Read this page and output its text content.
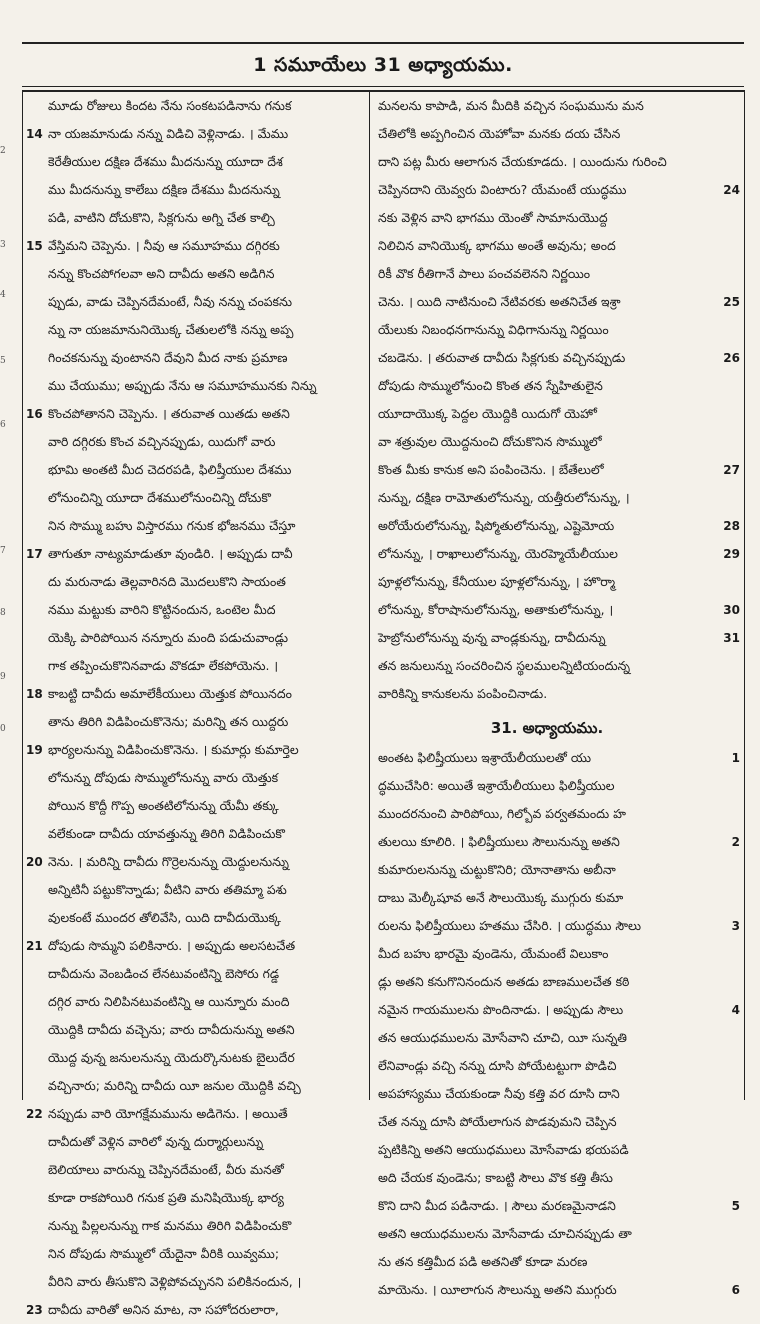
1 సమూయేలు 31 అధ్యాయము.
మూడు రోజులు కిందట నేను సంకటపడినాను గనుక
14 నా యజమానుడు నన్ను విడిచి వెళ్లినాడు. । మేము
కెరేతీయుల దక్షిణ దేశము మీదనున్ను యూదా దేశ
ము మీదనున్ను కాలేబు దక్షిణ దేశము మీదనున్ను
పడి, వాటిని దోచుకొని, సిక్లగును అగ్ని చేత కాల్చి
15 వేస్తిమని చెప్పెను. । నీవు ఆ సమూహము దగ్గిరకు
నన్ను కొంచపోగలవా అని దావీదు అతని అడిగిన
ప్పుడు, వాడు చెప్పినదేమంటే, నీవు నన్ను చంపకను
న్ను నా యజమానునియొక్క చేతులలోకి నన్ను అప్ప
గించకనున్ను వుంటానని దేవుని మీద నాకు ప్రమాణ
ము చేయుము; అప్పుడు నేను ఆ సమూహమునకు నిన్ను
16 కొంచపోతానని చెప్పెను. । తరువాత యితడు అతని
వారి దగ్గిరకు కొంచ వచ్చినప్పుడు, యిదుగో వారు
భూమి అంతటి మీద చెదరపడి, ఫిలిష్తీయుల దేశము
లోనుంచిన్ని యూదా దేశములోనుంచిన్ని దోచుకొ
నిన సొమ్ము బహు విస్తారము గనుక భోజనము చేస్తూ
17 తాగుతూ నాట్యమాడుతూ వుండిరి. । అప్పుడు దావీ
దు మరునాడు తెల్లవారినది మొదలుకొని సాయంత
నము మట్టుకు వారిని కొట్టినందున, ఒంటెల మీద
యెక్కి పారిపోయిన నన్నూరు మంది పడుచువాండ్లు
గాక తప్పించుకొనినవాడు వొకడూ లేకపోయెను. ।
18 కాబట్టి దావీదు అమాలేకీయులు యెత్తుక పోయినదం
తాను తిరిగి విడిపించుకొనెను; మరిన్ని తన యిద్దరు
19 భార్యలనున్ను విడిపించుకొనెను. । కుమార్లు కుమార్తెల
లోనున్ను దోపుడు సొమ్ములోనున్ను వారు యెత్తుక
పోయిన కొద్దీ గొప్ప అంతటిలోనున్ను యేమీ తక్కు
వలేకుండా దావీదు యావత్తున్ను తిరిగి విడిపించుకొ
20 నెను. । మరిన్ని దావీదు గొర్రెలనున్ను యెద్దులనున్ను
అన్నిటినీ పట్టుకొన్నాడు; వీటిని వారు తతిమ్మా పశు
వులకంటే ముందర తోలివేసి, యిది దావీదుయొక్క
21 దోపుడు సొమ్మని పలికినారు. । అప్పుడు అలసటచేత
దావీదును వెంబడించ లేనటువంటిన్ని బెసోరు గడ్డ
దగ్గిర వారు నిలిపినటువంటిన్ని ఆ యిన్నూరు మంది
యొద్దికి దావీదు వచ్చెను; వారు దావీదునున్ను అతని
యొద్ద వున్న జనులనున్ను యెదుర్కొనుటకు బైలుదేర
వచ్చినారు; మరిన్ని దావీదు యీ జనుల యొద్దికి వచ్చి
22 నప్పుడు వారి యోగక్షేమమును అడిగెను. । అయితే
దావీదుతో వెళ్లిన వారిలో వున్న దుర్మార్గులున్ను
బెలియాలు వారున్ను చెప్పినదేమంటే, వీరు మనతో
కూడా రాకపోయిరి గనుక ప్రతి మనిషియొక్క భార్య
నున్ను పిల్లలనున్ను గాక మనము తిరిగి విడిపించుకొ
నిన దోపుడు సొమ్ములో యేదైనా వీరికి యివ్వము;
వీరిని వారు తీసుకొని వెళ్లిపోవచ్చునని పలికినందున, ।
23 దావీదు వారితో అనిన మాట, నా సహోదరులారా,
మనలను కాపాడి, మన మీదికి వచ్చిన సంఘమును మన
చేతిలోకి అప్పగించిన యెహోవా మనకు దయ చేసిన
దాని పట్ల మీరు ఆలాగున చేయకూడదు. । యిందును గురించి
24
చెప్పినదాని యెవ్వరు వింటారు? యేమంటే యుద్ధము
నకు వెళ్లిన వాని భాగము యెంతో సామానుయొద్ద
నిలిచిన వానియొక్క భాగము అంతే అవును; అంద
రికీ వొక రీతిగానే పాలు పంచవలెనని నిర్ణయిం
25
చెను. । యిది నాటినుంచి నేటివరకు అతనిచేత ఇశ్రా
యేలుకు నిబంధనగానున్ను విధిగానున్ను నిర్ణయిం
26
చబడెను. । తరువాత దావీదు సిక్లగుకు వచ్చినప్పుడు
దోపుడు సొమ్ములోనుంచి కొంత తన స్నేహితులైన
యూదాయొక్క పెద్దల యొద్దికి యిదుగో యెహో
వా శత్రువుల యొద్దనుంచి దోచుకొనిన సొమ్ములో
27
కొంత మీకు కానుక అని పంపించెను. । బేతేలులో
నున్ను, దక్షిణ రామోతులోనున్ను, యత్తీరులోనున్ను, ।
28
అరోయేరులోనున్ను, షిప్మోతులోనున్ను, ఎష్టెమోయ
29
లోనున్ను, । రాఖాలులోనున్ను, యెరహ్మెయేలీయుల
పూళ్లలోనున్ను, కేనీయుల పూళ్లలోనున్ను, । హొర్మా
30
లోనున్ను, కోరాషానులోనున్ను, అతాకులోనున్ను, ।
31
హెబ్రోనులోనున్ను వున్న వాండ్లకున్ను, దావీదున్ను
తన జనులున్ను సంచరించిన స్థలములన్నిటియందున్న
వారికిన్ని కానుకలను పంపించినాడు.
31. అధ్యాయము.
1
అంతట ఫిలిష్తీయులు ఇశ్రాయేలీయులతో యు
ద్ధముచేసిరి: అయితే ఇశ్రాయేలీయులు ఫిలిష్తీయుల
ముందరనుంచి పారిపోయి, గిల్బోవ పర్వతమందు హ
2
తులయి కూలిరి. । ఫిలిష్తీయులు సౌలునున్ను అతని
కుమారులనున్ను చుట్టుకొనిరి; యోనాతాను అబీనా
దాబు మెల్కీషూవ అనే సౌలుయొక్క ముగ్గురు కుమా
3
రులను ఫిలిష్తీయులు హతము చేసిరి. । యుద్ధము సౌలు
మీద బహు భారమై వుండెను, యేమంటే విలుకాం
డ్లు అతని కనుగొనినందున అతడు బాణములచేత కఠి
4
నమైన గాయములను పొందినాడు. । అప్పుడు సౌలు
తన ఆయుధములను మోసేవాని చూచి, యీ సున్నతి
లేనివాండ్లు వచ్చి నన్ను దూసి పోయేటట్టుగా పొడిచి
అపహాస్యము చేయకుండా నీవు కత్తి వర దూసి దాని
చేత నన్ను దూసి పోయేలాగున పొడవుమని చెప్పిన
ప్పటికిన్ని అతని ఆయుధములు మోసేవాడు భయపడి
అది చేయక వుండెను; కాబట్టి సౌలు వొక కత్తి తీసు
5
కొని దాని మీద పడినాడు. । సౌలు మరణమైనాడని
అతని ఆయుధములను మోసేవాడు చూచినప్పుడు తా
ను తన కత్తిమీద పడి అతనితో కూడా మరణ
6
మాయెను. । యీలాగున సౌలున్ను అతని ముగ్గురు
2
3
4
5
6
7
8
9
0
